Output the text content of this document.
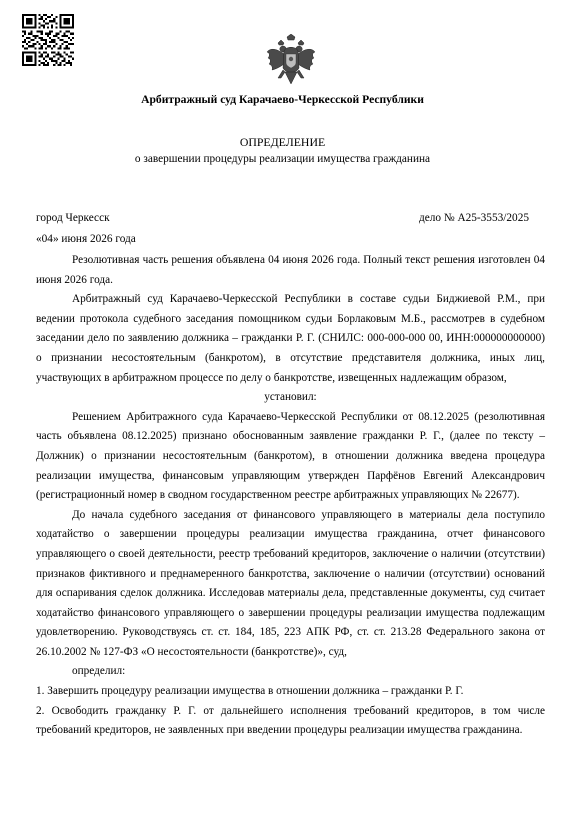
Арбитражный суд Карачаево-Черкесской Республики
ОПРЕДЕЛЕНИЕ
о завершении процедуры реализации имущества гражданина
город Черкесск	дело № А25-3553/2025
«04» июня 2026 года

Резолютивная часть решения объявлена 04 июня 2026 года. Полный текст решения изготовлен 04 июня 2026 года.

Арбитражный суд Карачаево-Черкесской Республики в составе судьи Биджиевой Р.М., при ведении протокола судебного заседания помощником судьи Борлаковым М.Б., рассмотрев в судебном заседании дело по заявлению должника – гражданки Р. Г. (СНИЛС: 000-000-000 00, ИНН:000000000000) о признании несостоятельным (банкротом), в отсутствие представителя должника, иных лиц, участвующих в арбитражном процессе по делу о банкротстве, извещенных надлежащим образом,

установил:

Решением Арбитражного суда Карачаево-Черкесской Республики от 08.12.2025 (резолютивная часть объявлена 08.12.2025) признано обоснованным заявление гражданки Р. Г., (далее по тексту – Должник) о признании несостоятельным (банкротом), в отношении должника введена процедура реализации имущества, финансовым управляющим утвержден Парфёнов Евгений Александрович (регистрационный номер в сводном государственном реестре арбитражных управляющих № 22677).

До начала судебного заседания от финансового управляющего в материалы дела поступило ходатайство о завершении процедуры реализации имущества гражданина, отчет финансового управляющего о своей деятельности, реестр требований кредиторов, заключение о наличии (отсутствии) признаков фиктивного и преднамеренного банкротства, заключение о наличии (отсутствии) оснований для оспаривания сделок должника. Исследовав материалы дела, представленные документы, суд считает ходатайство финансового управляющего о завершении процедуры реализации имущества подлежащим удовлетворению. Руководствуясь ст. ст. 184, 185, 223 АПК РФ, ст. ст. 213.28 Федерального закона от 26.10.2002 № 127-ФЗ «О несостоятельности (банкротстве)», суд,

определил:

1. Завершить процедуру реализации имущества в отношении должника – гражданки Р. Г.

2. Освободить гражданку Р. Г. от дальнейшего исполнения требований кредиторов, в том числе требований кредиторов, не заявленных при введении процедуры реализации имущества гражданина.
